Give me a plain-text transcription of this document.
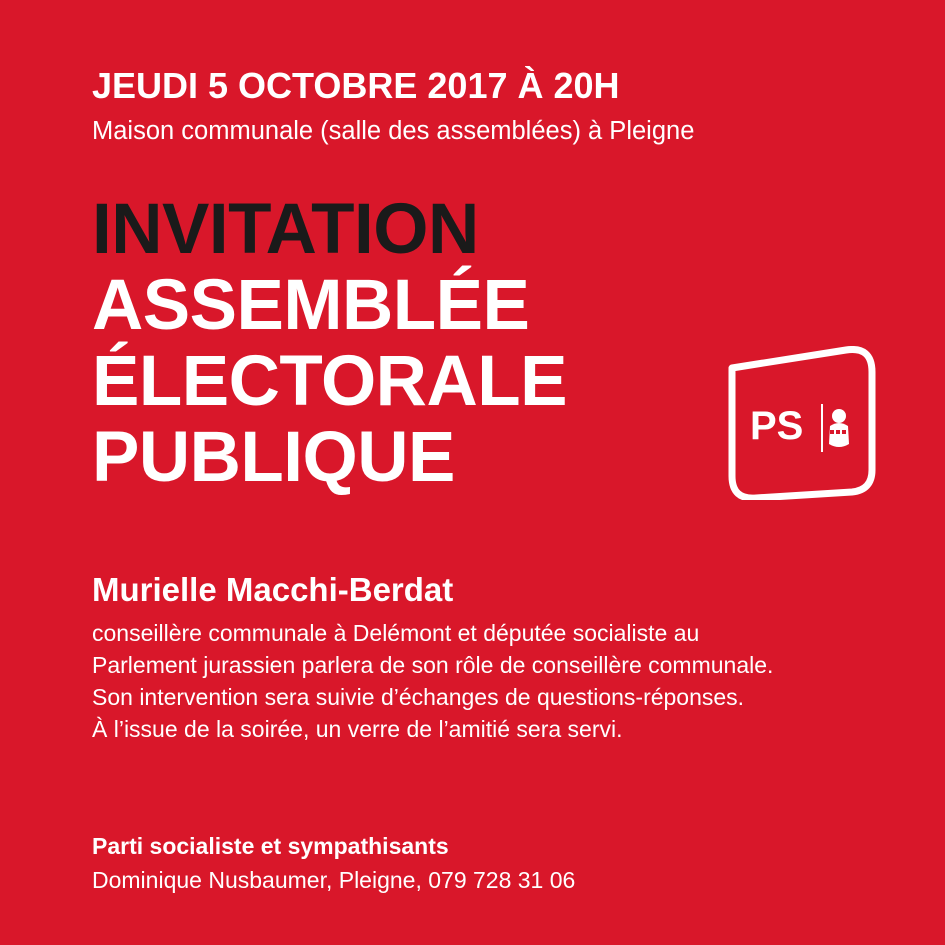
JEUDI 5 OCTOBRE 2017 À 20H
Maison communale (salle des assemblées) à Pleigne
INVITATION
ASSEMBLÉE
ÉLECTORALE
PUBLIQUE	PS
Murielle Macchi-Berdat
conseillère communale à Delémont et députée socialiste au
Parlement jurassien parlera de son rôle de conseillère communale.
Son intervention sera suivie d’échanges de questions-réponses.
À l’issue de la soirée, un verre de l’amitié sera servi.
Parti socialiste et sympathisants
Dominique Nusbaumer, Pleigne, 079 728 31 06
